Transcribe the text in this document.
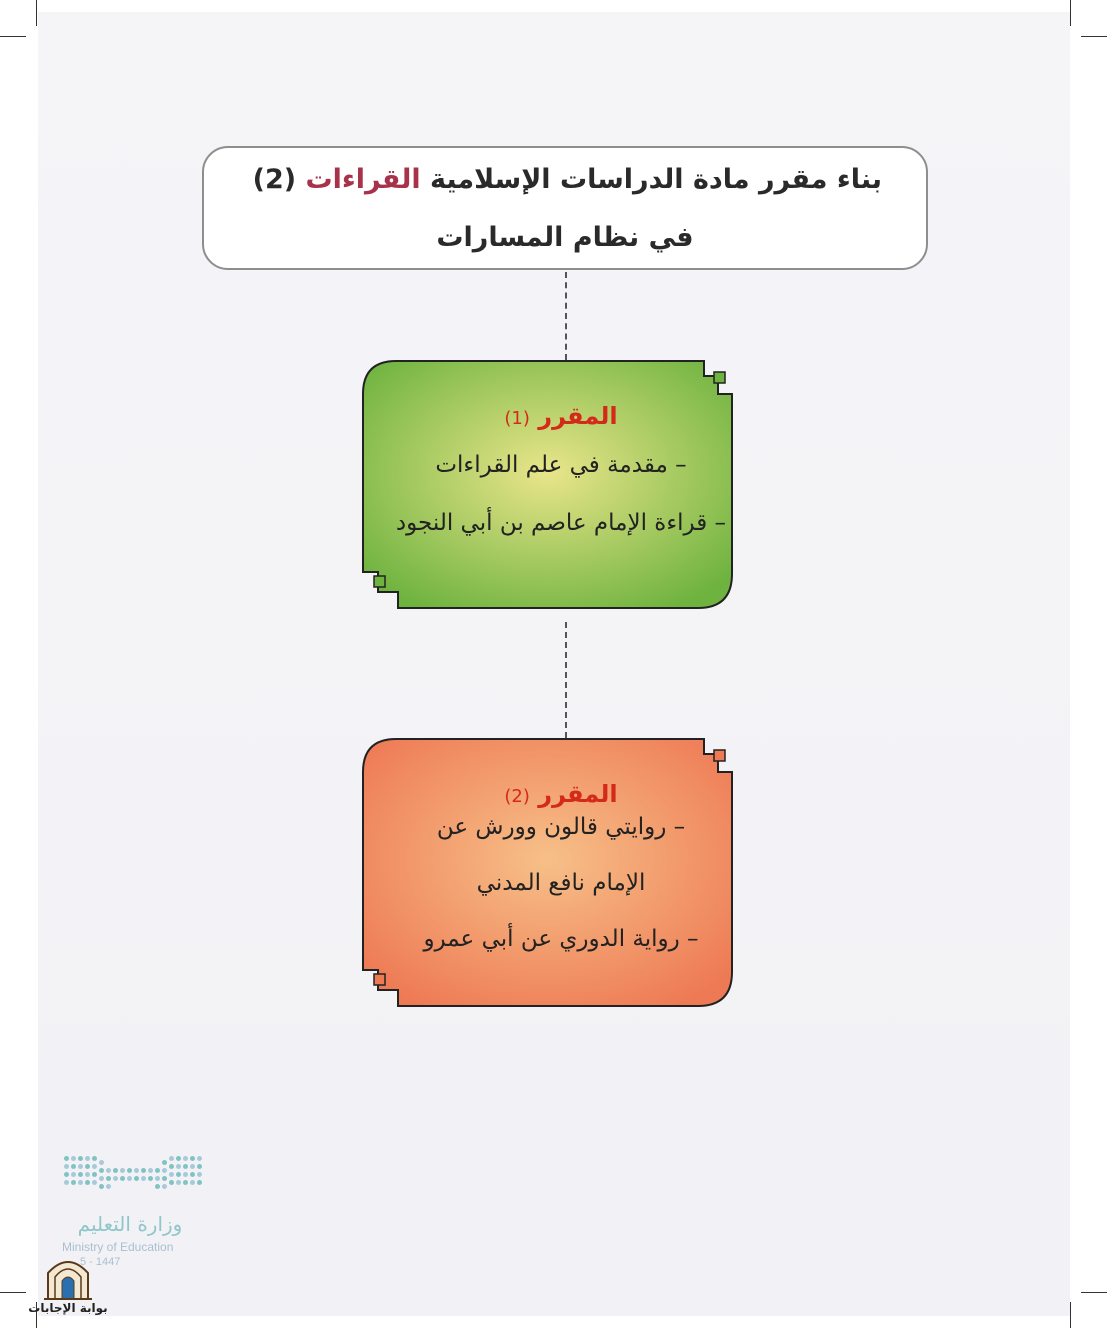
بناء مقرر مادة الدراسات الإسلامية القراءات (2)
في نظام المسارات
المقرر (1)
– مقدمة في علم القراءات
– قراءة الإمام عاصم بن أبي النجود
المقرر (2)
– روايتي قالون وورش عن
الإمام نافع المدني
– رواية الدوري عن أبي عمرو
وزارة التعليم
Ministry of Education
5 - 1447
بوابة الإجابات
